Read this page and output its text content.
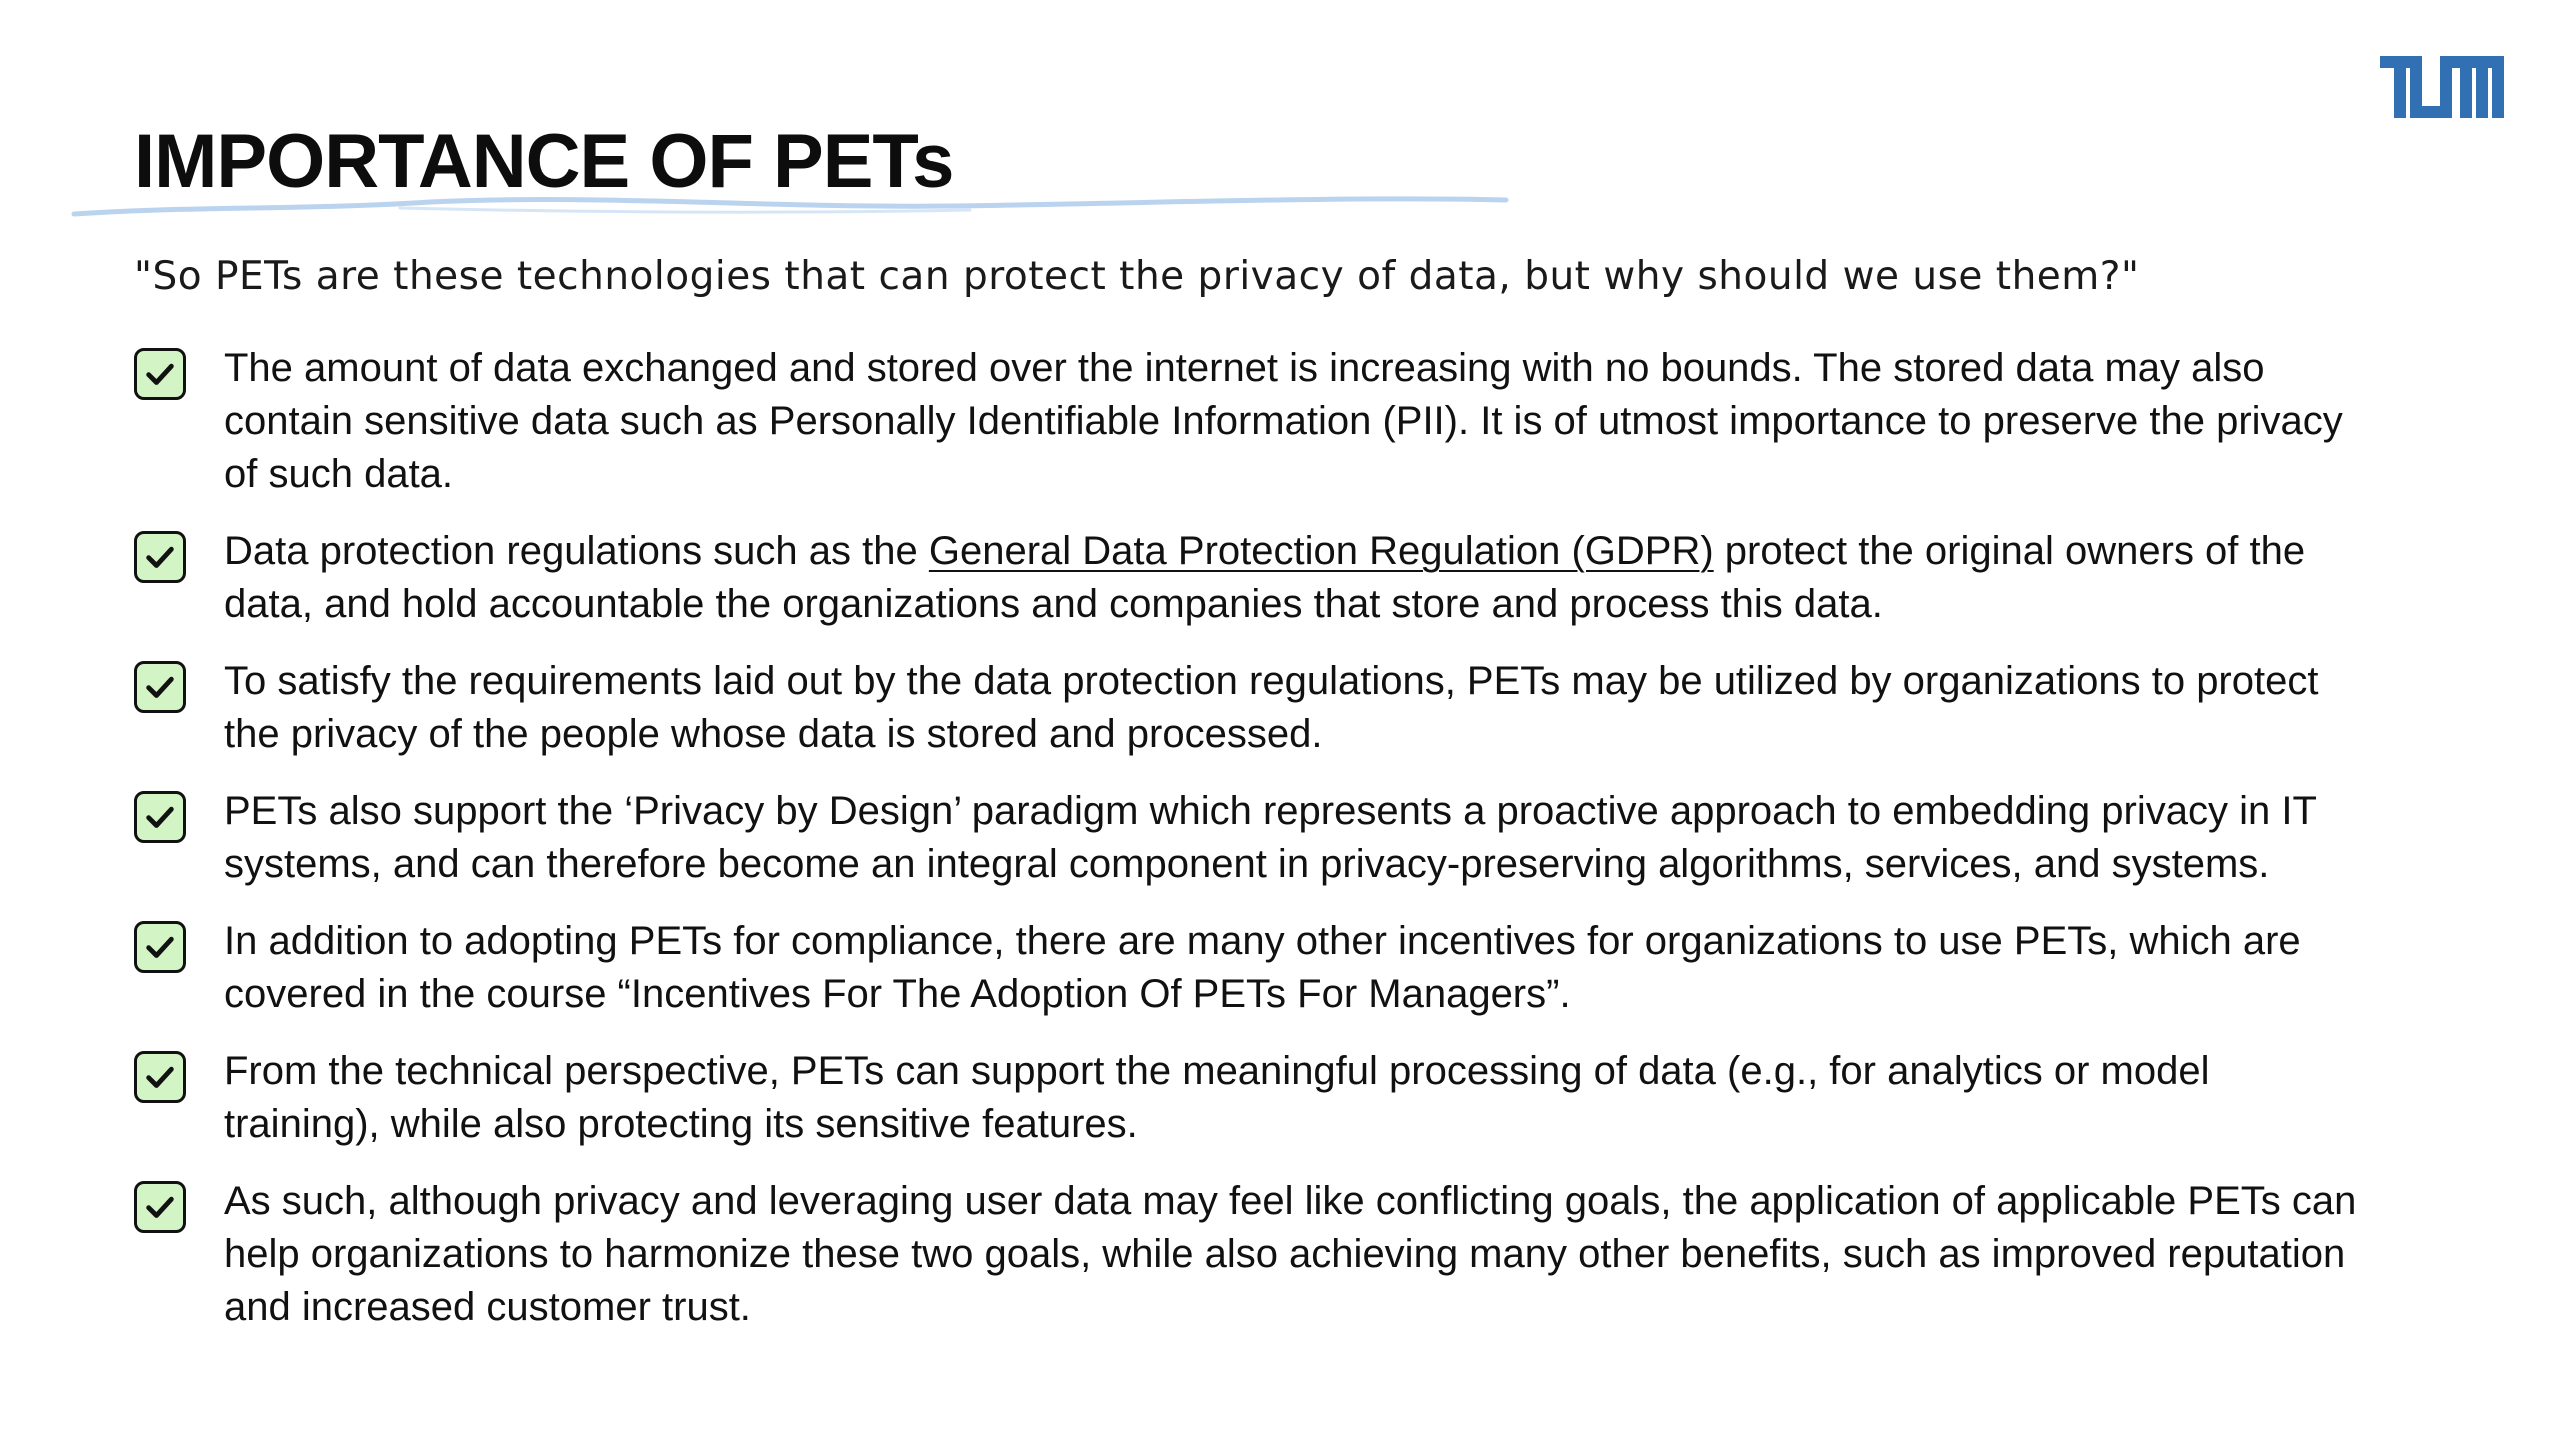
IMPORTANCE OF PETs
"So PETs are these technologies that can protect the privacy of data, but why should we use them?"
The amount of data exchanged and stored over the internet is increasing with no bounds. The stored data may also contain sensitive data such as Personally Identifiable Information (PII). It is of utmost importance to preserve the privacy of such data.
Data protection regulations such as the General Data Protection Regulation (GDPR) protect the original owners of the data, and hold accountable the organizations and companies that store and process this data.
To satisfy the requirements laid out by the data protection regulations, PETs may be utilized by organizations to protect the privacy of the people whose data is stored and processed.
PETs also support the ‘Privacy by Design’ paradigm which represents a proactive approach to embedding privacy in IT systems, and can therefore become an integral component in privacy-preserving algorithms, services, and systems.
In addition to adopting PETs for compliance, there are many other incentives for organizations to use PETs, which are covered in the course “Incentives For The Adoption Of PETs For Managers”.
From the technical perspective, PETs can support the meaningful processing of data (e.g., for analytics or model training), while also protecting its sensitive features.
As such, although privacy and leveraging user data may feel like conflicting goals, the application of applicable PETs can help organizations to harmonize these two goals, while also achieving many other benefits, such as improved reputation and increased customer trust.
